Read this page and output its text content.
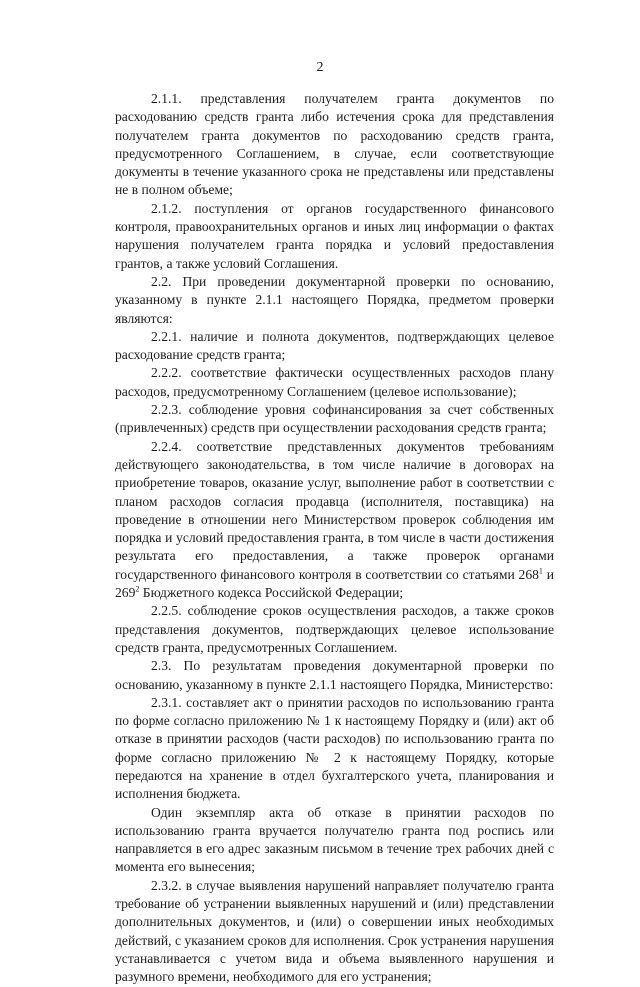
2

2.1.1. представления получателем гранта документов по расходованию средств гранта либо истечения срока для представления получателем гранта документов по расходованию средств гранта, предусмотренного Соглашением, в случае, если соответствующие документы в течение указанного срока не представлены или представлены не в полном объеме;

2.1.2. поступления от органов государственного финансового контроля, правоохранительных органов и иных лиц информации о фактах нарушения получателем гранта порядка и условий предоставления грантов, а также условий Соглашения.

2.2. При проведении документарной проверки по основанию, указанному в пункте 2.1.1 настоящего Порядка, предметом проверки являются:

2.2.1. наличие и полнота документов, подтверждающих целевое расходование средств гранта;

2.2.2. соответствие фактически осуществленных расходов плану расходов, предусмотренному Соглашением (целевое использование);

2.2.3. соблюдение уровня софинансирования за счет собственных (привлеченных) средств при осуществлении расходования средств гранта;

2.2.4. соответствие представленных документов требованиям действующего законодательства, в том числе наличие в договорах на приобретение товаров, оказание услуг, выполнение работ в соответствии с планом расходов согласия продавца (исполнителя, поставщика) на проведение в отношении него Министерством проверок соблюдения им порядка и условий предоставления гранта, в том числе в части достижения результата его предоставления, а также проверок органами государственного финансового контроля в соответствии со статьями $268^1$ и $269^2$ Бюджетного кодекса Российской Федерации;

2.2.5. соблюдение сроков осуществления расходов, а также сроков представления документов, подтверждающих целевое использование средств гранта, предусмотренных Соглашением.

2.3. По результатам проведения документарной проверки по основанию, указанному в пункте 2.1.1 настоящего Порядка, Министерство:

2.3.1. составляет акт о принятии расходов по использованию гранта по форме согласно приложению № 1 к настоящему Порядку и (или) акт об отказе в принятии расходов (части расходов) по использованию гранта по форме согласно приложению № 2 к настоящему Порядку, которые передаются на хранение в отдел бухгалтерского учета, планирования и исполнения бюджета.

Один экземпляр акта об отказе в принятии расходов по использованию гранта вручается получателю гранта под роспись или направляется в его адрес заказным письмом в течение трех рабочих дней с момента его вынесения;

2.3.2. в случае выявления нарушений направляет получателю гранта требование об устранении выявленных нарушений и (или) представлении дополнительных документов, и (или) о совершении иных необходимых действий, с указанием сроков для исполнения. Срок устранения нарушения устанавливается с учетом вида и объема выявленного нарушения и разумного времени, необходимого для его устранения;
